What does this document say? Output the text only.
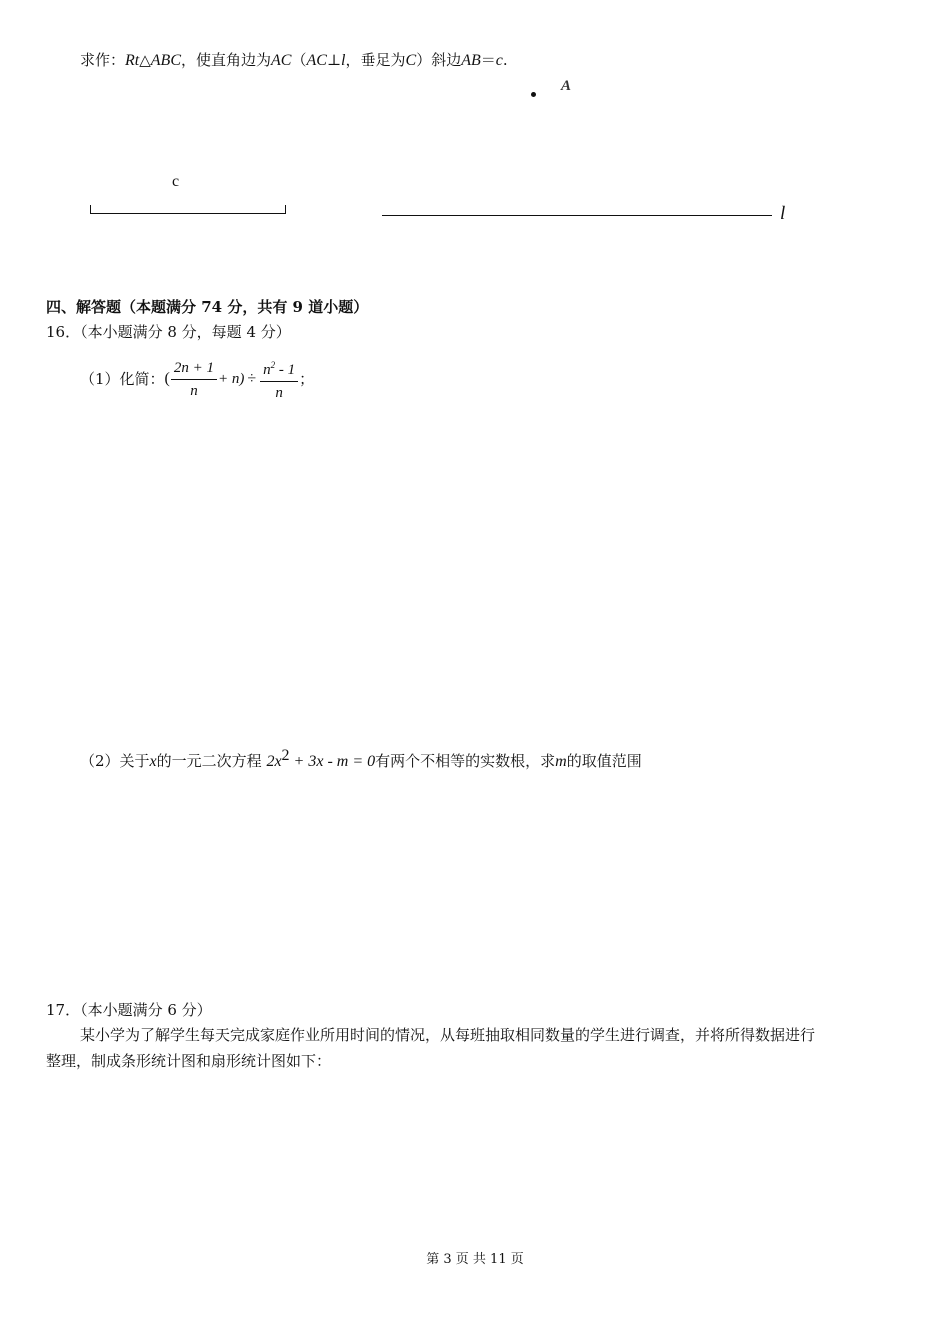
求作：Rt△ABC，使直角边为AC（AC⊥l，垂足为C）斜边AB＝c.
A
c
l
四、解答题（本题满分 74 分，共有 9 道小题）
16．（本小题满分 8 分，每题 4 分）
（1）化简： ( $\frac{2n + 1}{n} + n) \div \frac{n^2 - 1}{n}$ ；
（2）关于x的一元二次方程 $2x^2 + 3x - m = 0$有两个不相等的实数根，求m的取值范围
17．（本小题满分 6 分）
某小学为了解学生每天完成家庭作业所用时间的情况，从每班抽取相同数量的学生进行调查，并将所得数据进行
整理，制成条形统计图和扇形统计图如下：
第 3 页 共 11 页
